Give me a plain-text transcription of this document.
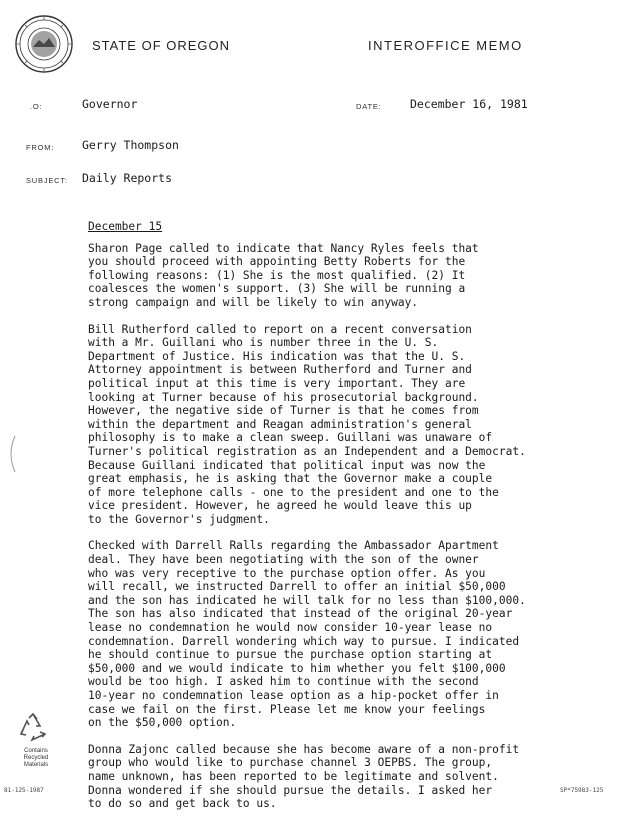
STATE OF OREGON	INTEROFFICE MEMO
.O:	Governor	DATE: December 16, 1981
FROM: Gerry Thompson
SUBJECT: Daily Reports
December 15

Sharon Page called to indicate that Nancy Ryles feels that
you should proceed with appointing Betty Roberts for the
following reasons: (1) She is the most qualified. (2) It
coalesces the women's support. (3) She will be running a
strong campaign and will be likely to win anyway.

Bill Rutherford called to report on a recent conversation
with a Mr. Guillani who is number three in the U. S.
Department of Justice. His indication was that the U. S.
Attorney appointment is between Rutherford and Turner and
political input at this time is very important. They are
looking at Turner because of his prosecutorial background.
However, the negative side of Turner is that he comes from
within the department and Reagan administration's general
philosophy is to make a clean sweep. Guillani was unaware of
Turner's political registration as an Independent and a Democrat.
Because Guillani indicated that political input was now the
great emphasis, he is asking that the Governor make a couple
of more telephone calls - one to the president and one to the
vice president. However, he agreed he would leave this up
to the Governor's judgment.

Checked with Darrell Ralls regarding the Ambassador Apartment
deal. They have been negotiating with the son of the owner
who was very receptive to the purchase option offer. As you
will recall, we instructed Darrell to offer an initial $50,000
and the son has indicated he will talk for no less than $100,000.
The son has also indicated that instead of the original 20-year
lease no condemnation he would now consider 10-year lease no
condemnation. Darrell wondering which way to pursue. I indicated
he should continue to pursue the purchase option starting at
$50,000 and we would indicate to him whether you felt $100,000
would be too high. I asked him to continue with the second
10-year no condemnation lease option as a hip-pocket offer in
case we fail on the first. Please let me know your feelings
on the $50,000 option.

Donna Zajonc called because she has become aware of a non-profit
group who would like to purchase channel 3 OEPBS. The group,
name unknown, has been reported to be legitimate and solvent.
Donna wondered if she should pursue the details. I asked her
to do so and get back to us.

Contains
Recycled
Materials
81-125-1987	SP*75983-125
